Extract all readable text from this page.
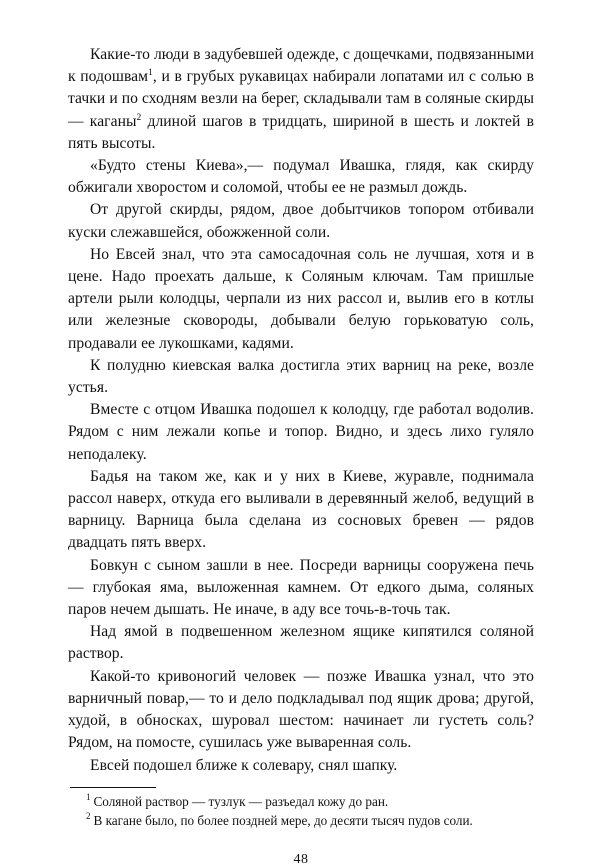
Какие-то люди в задубевшей одежде, с дощечками, подвязанными к подошвам$^1$, и в грубых рукавицах набирали лопатами ил с солью в тачки и по сходням везли на берег, складывали там в соляные скирды — каганы$^2$ длиной шагов в тридцать, шириной в шесть и локтей в пять высоты.

«Будто стены Киева»,— подумал Ивашка, глядя, как скирду обжигали хворостом и соломой, чтобы ее не размыл дождь.

От другой скирды, рядом, двое добытчиков топором отбивали куски слежавшейся, обожженной соли.

Но Евсей знал, что эта самосадочная соль не лучшая, хотя и в цене. Надо проехать дальше, к Соляным ключам. Там пришлые артели рыли колодцы, черпали из них рассол и, вылив его в котлы или железные сковороды, добывали белую горьковатую соль, продавали ее лукошками, кадями.

К полудню киевская валка достигла этих варниц на реке, возле устья.

Вместе с отцом Ивашка подошел к колодцу, где работал водолив. Рядом с ним лежали копье и топор. Видно, и здесь лихо гуляло неподалеку.

Бадья на таком же, как и у них в Киеве, журавле, поднимала рассол наверх, откуда его выливали в деревянный желоб, ведущий в варницу. Варница была сделана из сосновых бревен — рядов двадцать пять вверх.

Бовкун с сыном зашли в нее. Посреди варницы сооружена печь — глубокая яма, выложенная камнем. От едкого дыма, соляных паров нечем дышать. Не иначе, в аду все точь-в-точь так.

Над ямой в подвешенном железном ящике кипятился соляной раствор.

Какой-то кривоногий человек — позже Ивашка узнал, что это варничный повар,— то и дело подкладывал под ящик дрова; другой, худой, в обносках, шуровал шестом: начинает ли густеть соль? Рядом, на помосте, сушилась уже вываренная соль.

Евсей подошел ближе к солевару, снял шапку.

$^1$ Соляной раствор — тузлук — разъедал кожу до ран.

$^2$ В кагане было, по более поздней мере, до десяти тысяч пудов соли.

48
